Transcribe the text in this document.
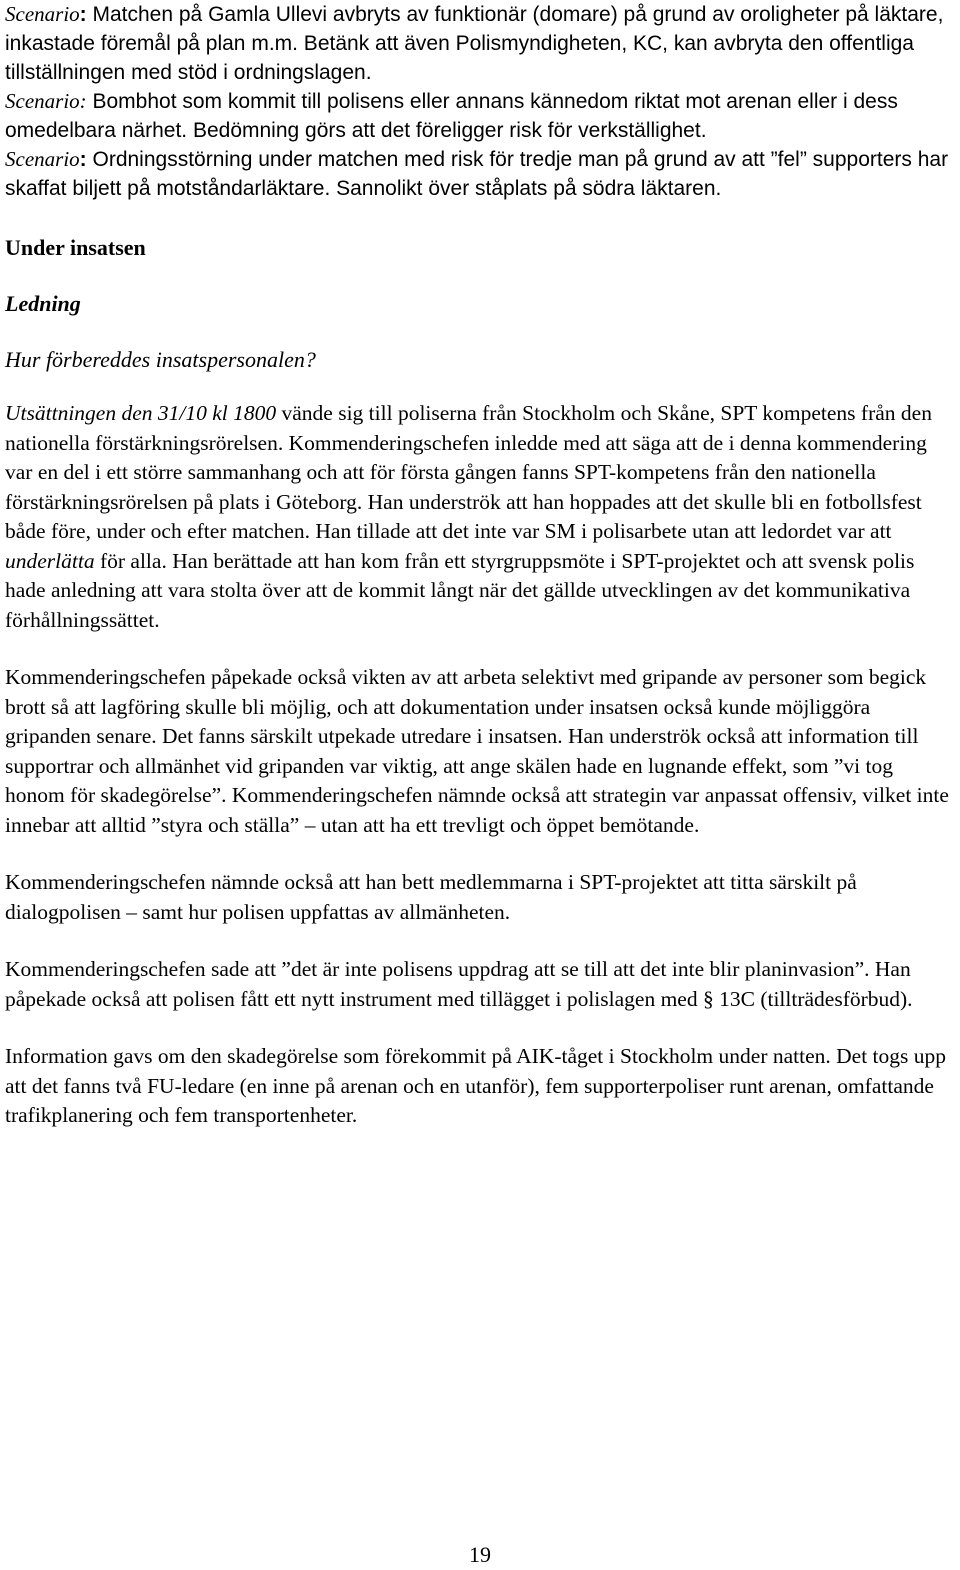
Scenario: Matchen på Gamla Ullevi avbryts av funktionär (domare) på grund av oroligheter på läktare, inkastade föremål på plan m.m. Betänk att även Polismyndigheten, KC, kan avbryta den offentliga tillställningen med stöd i ordningslagen.

Scenario: Bombhot som kommit till polisens eller annans kännedom riktat mot arenan eller i dess omedelbara närhet. Bedömning görs att det föreligger risk för verkställighet.

Scenario: Ordningsstörning under matchen med risk för tredje man på grund av att ”fel” supporters har skaffat biljett på motståndarläktare. Sannolikt över ståplats på södra läktaren.

Under insatsen

Ledning

Hur förbereddes insatspersonalen?

Utsättningen den 31/10 kl 1800 vände sig till poliserna från Stockholm och Skåne, SPT kompetens från den nationella förstärkningsrörelsen. Kommenderingschefen inledde med att säga att de i denna kommendering var en del i ett större sammanhang och att för första gången fanns SPT-kompetens från den nationella förstärkningsrörelsen på plats i Göteborg. Han underströk att han hoppades att det skulle bli en fotbollsfest både före, under och efter matchen. Han tillade att det inte var SM i polisarbete utan att ledordet var att underlätta för alla. Han berättade att han kom från ett styrgruppsmöte i SPT-projektet och att svensk polis hade anledning att vara stolta över att de kommit långt när det gällde utvecklingen av det kommunikativa förhållningssättet.

Kommenderingschefen påpekade också vikten av att arbeta selektivt med gripande av personer som begick brott så att lagföring skulle bli möjlig, och att dokumentation under insatsen också kunde möjliggöra gripanden senare. Det fanns särskilt utpekade utredare i insatsen. Han underströk också att information till supportrar och allmänhet vid gripanden var viktig, att ange skälen hade en lugnande effekt, som ”vi tog honom för skadegörelse”. Kommenderingschefen nämnde också att strategin var anpassat offensiv, vilket inte innebar att alltid ”styra och ställa” – utan att ha ett trevligt och öppet bemötande.

Kommenderingschefen nämnde också att han bett medlemmarna i SPT-projektet att titta särskilt på dialogpolisen – samt hur polisen uppfattas av allmänheten.

Kommenderingschefen sade att ”det är inte polisens uppdrag att se till att det inte blir planinvasion”. Han påpekade också att polisen fått ett nytt instrument med tillägget i polislagen med § 13C (tillträdesförbud).

Information gavs om den skadegörelse som förekommit på AIK-tåget i Stockholm under natten. Det togs upp att det fanns två FU-ledare (en inne på arenan och en utanför), fem supporterpoliser runt arenan, omfattande trafikplanering och fem transportenheter.

19
